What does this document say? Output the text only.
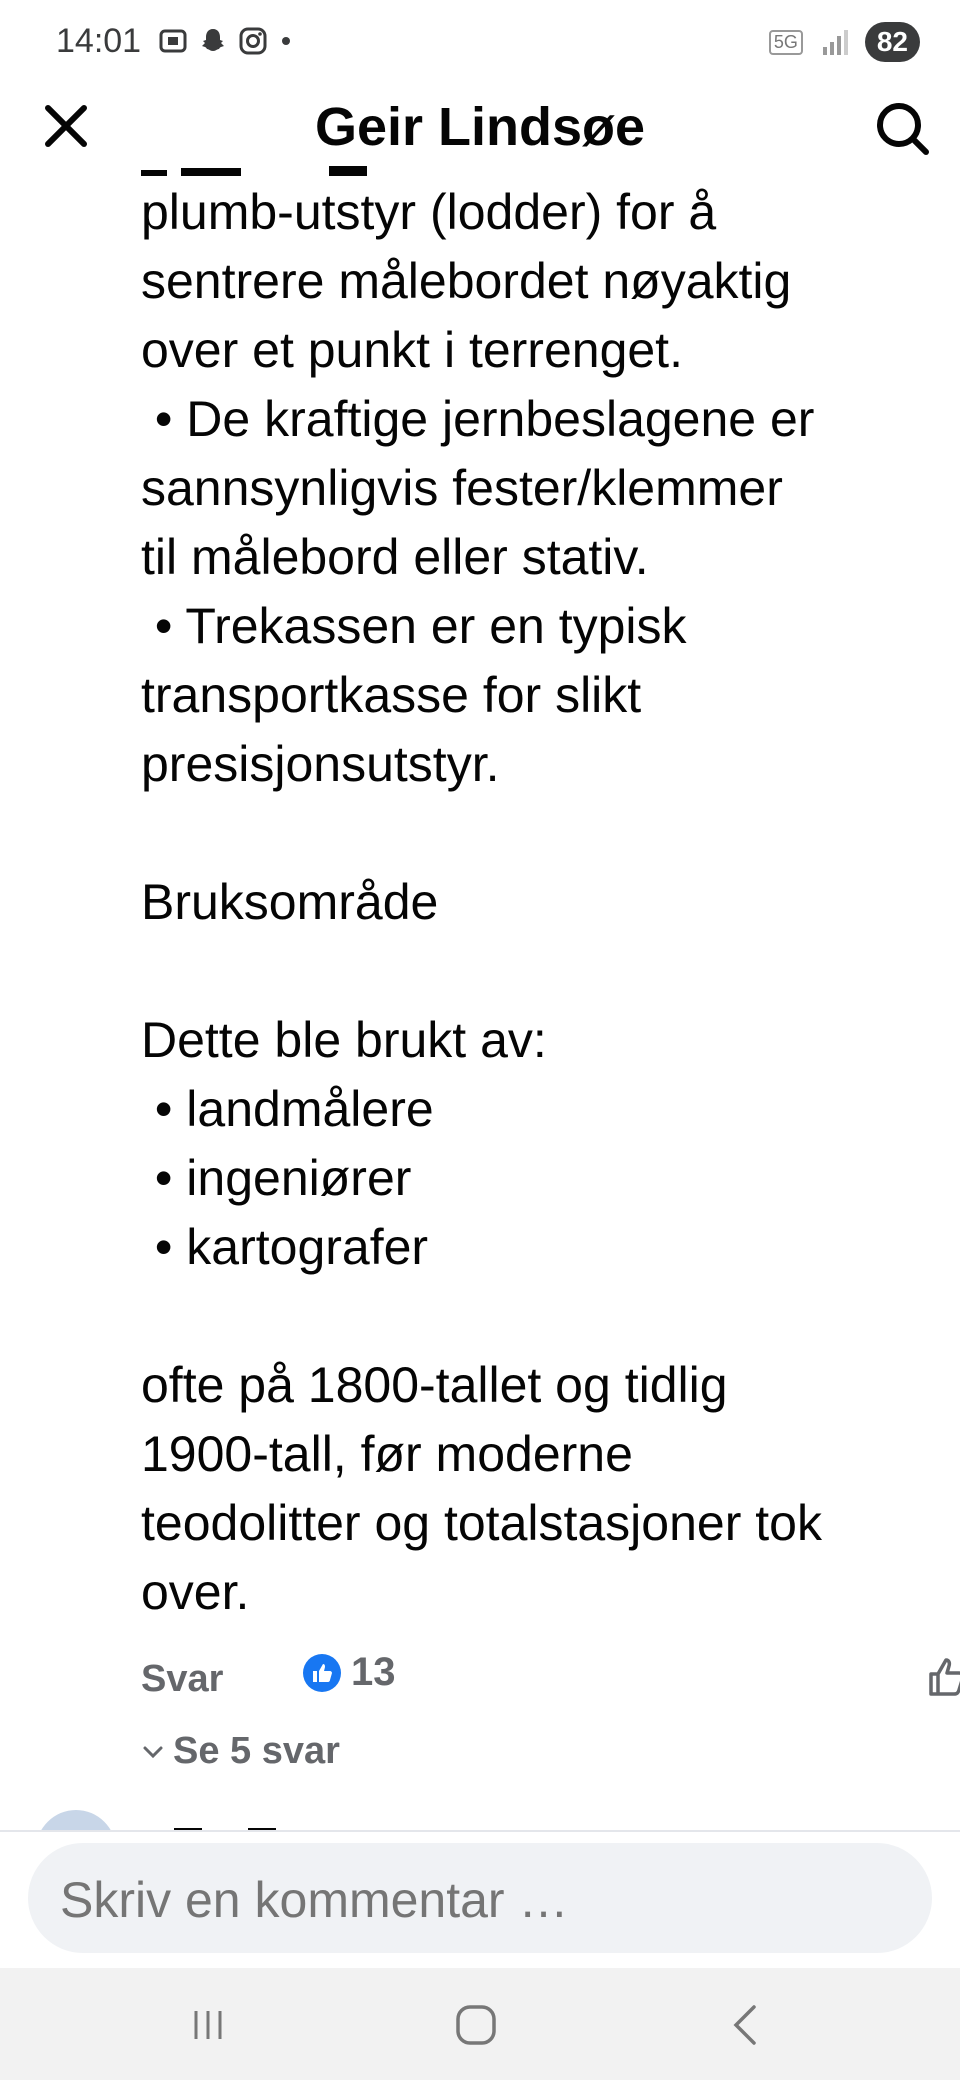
14:01	5G	82
Geir Lindsøe

plumb-utstyr (lodder) for å

sentrere målebordet nøyaktig

over et punkt i terrenget.

• De kraftige jernbeslagene er

sannsynligvis fester/klemmer

til målebord eller stativ.

• Trekassen er en typisk

transportkasse for slikt

presisjonsutstyr.

Bruksområde

Dette ble brukt av:

• landmålere

• ingeniører

• kartografer

ofte på 1800-tallet og tidlig

1900-tall, før moderne

teodolitter og totalstasjoner tok

over.

Svar	13
Se 5 svar
Skriv en kommentar …
